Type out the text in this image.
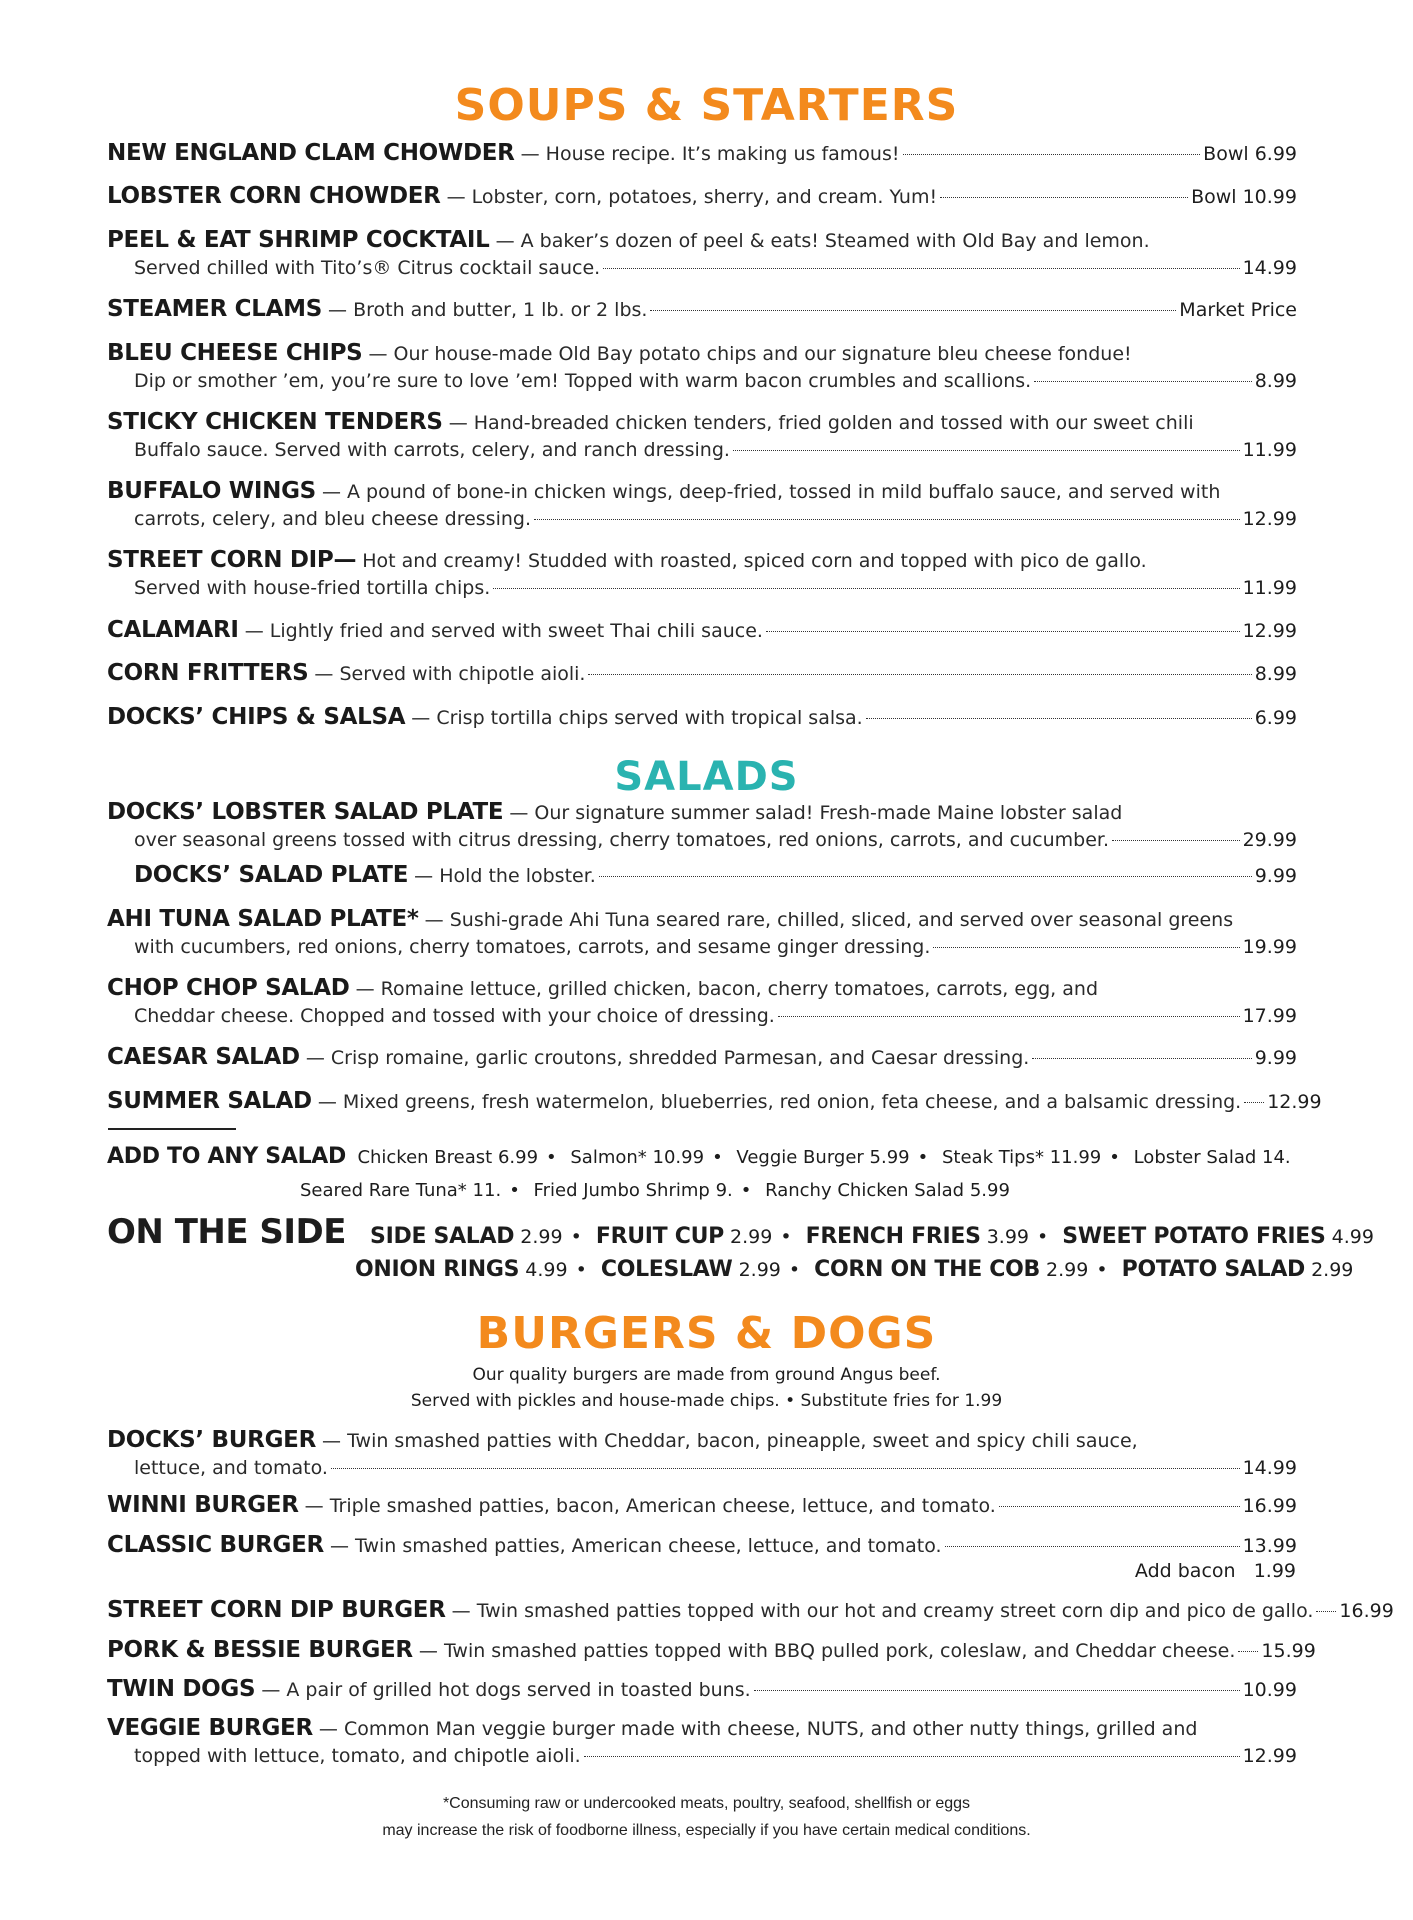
SOUPS & STARTERS
NEW ENGLAND CLAM CHOWDER
— House recipe. It’s making us famous!	Bowl 6.99
LOBSTER CORN CHOWDER
— Lobster, corn, potatoes, sherry, and cream. Yum!	Bowl 10.99
PEEL & EAT SHRIMP COCKTAIL
— A baker’s dozen of peel & eats! Steamed with Old Bay and lemon.
Served chilled with Tito’s® Citrus cocktail sauce.	14.99
STEAMER CLAMS
— Broth and butter, 1 lb. or 2 lbs.	Market Price
BLEU CHEESE CHIPS
— Our house-made Old Bay potato chips and our signature bleu cheese fondue!
Dip or smother ’em, you’re sure to love ’em! Topped with warm bacon crumbles and scallions.	8.99
STICKY CHICKEN TENDERS
— Hand-breaded chicken tenders, fried golden and tossed with our sweet chili
Buffalo sauce. Served with carrots, celery, and ranch dressing.	11.99
BUFFALO WINGS
— A pound of bone-in chicken wings, deep-fried, tossed in mild buffalo sauce, and served with
carrots, celery, and bleu cheese dressing.	12.99
STREET CORN DIP—
Hot and creamy! Studded with roasted, spiced corn and topped with pico de gallo.
Served with house-fried tortilla chips.	11.99
CALAMARI
— Lightly fried and served with sweet Thai chili sauce.	12.99
CORN FRITTERS
— Served with chipotle aioli.	8.99
DOCKS’ CHIPS & SALSA
— Crisp tortilla chips served with tropical salsa.	6.99
SALADS
DOCKS’ LOBSTER SALAD PLATE
— Our signature summer salad! Fresh-made Maine lobster salad
over seasonal greens tossed with citrus dressing, cherry tomatoes, red onions, carrots, and cucumber.	29.99
DOCKS’ SALAD PLATE
— Hold the lobster.	9.99
AHI TUNA SALAD PLATE*
— Sushi-grade Ahi Tuna seared rare, chilled, sliced, and served over seasonal greens
with cucumbers, red onions, cherry tomatoes, carrots, and sesame ginger dressing.	19.99
CHOP CHOP SALAD
— Romaine lettuce, grilled chicken, bacon, cherry tomatoes, carrots, egg, and
Cheddar cheese. Chopped and tossed with your choice of dressing.	17.99
CAESAR SALAD
— Crisp romaine, garlic croutons, shredded Parmesan, and Caesar dressing.	9.99
SUMMER SALAD
— Mixed greens, fresh watermelon, blueberries, red onion, feta cheese, and a balsamic dressing. 12.99
ADD TO ANY SALAD Chicken Breast 6.99 • Salmon* 10.99 • Veggie Burger 5.99 • Steak Tips* 11.99 • Lobster Salad 14.
Seared Rare Tuna* 11. • Fried Jumbo Shrimp 9. • Ranchy Chicken Salad 5.99
ON THE SIDE SIDE SALAD 2.99 • FRUIT CUP 2.99 • FRENCH FRIES 3.99 • SWEET POTATO FRIES 4.99
ONION RINGS 4.99 • COLESLAW 2.99 • CORN ON THE COB 2.99 • POTATO SALAD 2.99
BURGERS & DOGS
Our quality burgers are made from ground Angus beef.
Served with pickles and house-made chips. • Substitute fries for 1.99
DOCKS’ BURGER
— Twin smashed patties with Cheddar, bacon, pineapple, sweet and spicy chili sauce,
lettuce, and tomato.	14.99
WINNI BURGER
— Triple smashed patties, bacon, American cheese, lettuce, and tomato.	16.99
CLASSIC BURGER
— Twin smashed patties, American cheese, lettuce, and tomato.	13.99
Add bacon 1.99
STREET CORN DIP BURGER
— Twin smashed patties topped with our hot and creamy street corn dip and pico de gallo. 16.99
PORK & BESSIE BURGER
— Twin smashed patties topped with BBQ pulled pork, coleslaw, and Cheddar cheese. 15.99
TWIN DOGS
— A pair of grilled hot dogs served in toasted buns.	10.99
VEGGIE BURGER
— Common Man veggie burger made with cheese, NUTS, and other nutty things, grilled and
topped with lettuce, tomato, and chipotle aioli.	12.99
*Consuming raw or undercooked meats, poultry, seafood, shellfish or eggs
may increase the risk of foodborne illness, especially if you have certain medical conditions.
